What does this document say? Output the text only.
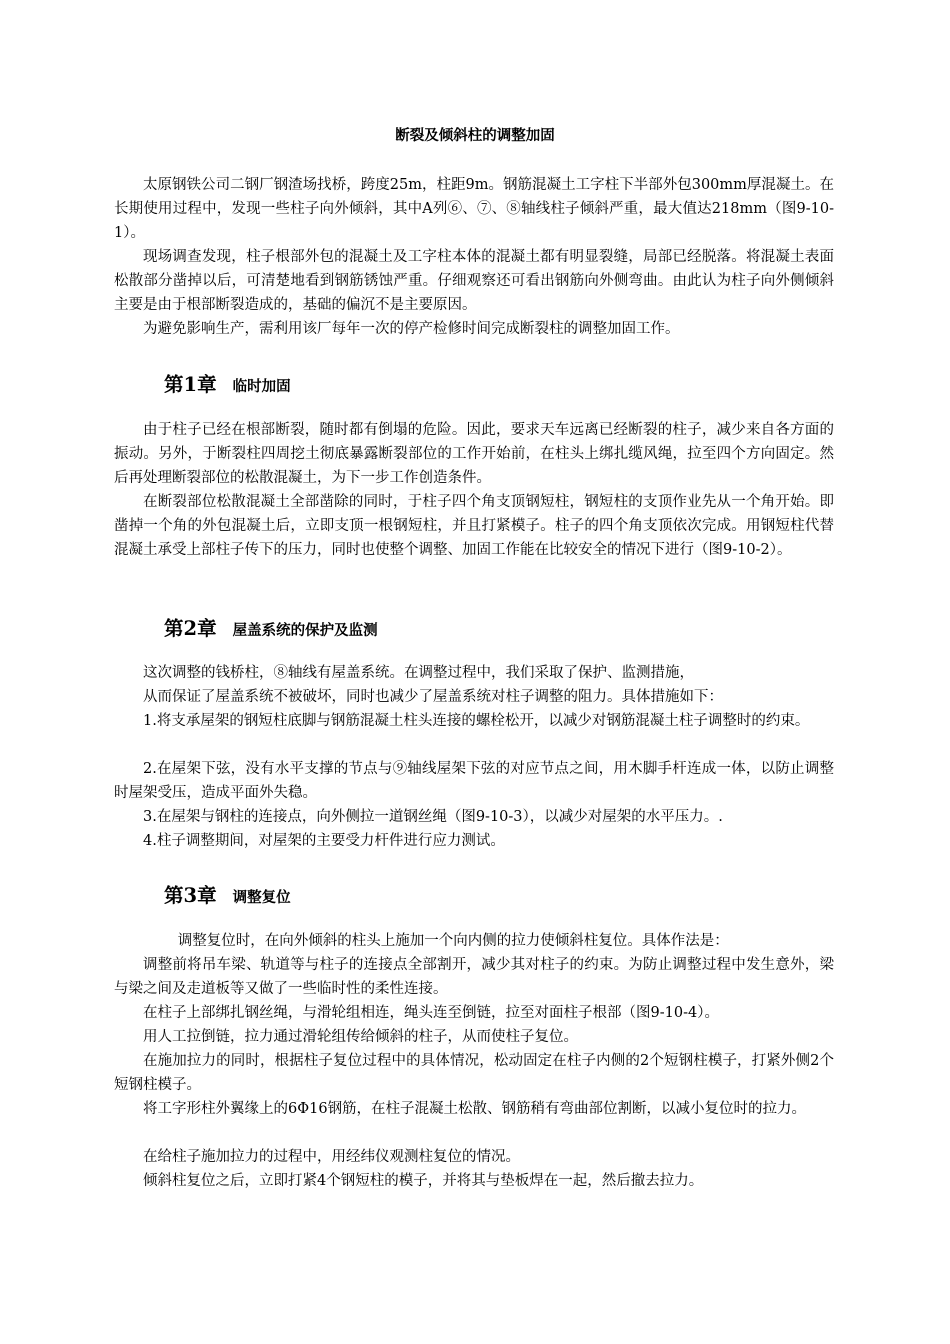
断裂及倾斜柱的调整加固

太原钢铁公司二钢厂钢渣场找桥，跨度25m，柱距9m。钢筋混凝土工字柱下半部外包300mm厚混凝土。在长期使用过程中，发现一些柱子向外倾斜，其中A列⑥、⑦、⑧轴线柱子倾斜严重，最大值达218mm（图9-10-1）。

现场调查发现，柱子根部外包的混凝土及工字柱本体的混凝土都有明显裂缝，局部已经脱落。将混凝土表面松散部分凿掉以后，可清楚地看到钢筋锈蚀严重。仔细观察还可看出钢筋向外侧弯曲。由此认为柱子向外侧倾斜主要是由于根部断裂造成的，基础的偏沉不是主要原因。

为避免影响生产，需利用该厂每年一次的停产检修时间完成断裂柱的调整加固工作。

第1章 临时加固

由于柱子已经在根部断裂，随时都有倒塌的危险。因此，要求天车远离已经断裂的柱子，减少来自各方面的振动。另外，于断裂柱四周挖土彻底暴露断裂部位的工作开始前，在柱头上绑扎缆风绳，拉至四个方向固定。然后再处理断裂部位的松散混凝土，为下一步工作创造条件。

在断裂部位松散混凝土全部凿除的同时，于柱子四个角支顶钢短柱，钢短柱的支顶作业先从一个角开始。即凿掉一个角的外包混凝土后，立即支顶一根钢短柱，并且打紧模子。柱子的四个角支顶依次完成。用钢短柱代替混凝土承受上部柱子传下的压力，同时也使整个调整、加固工作能在比较安全的情况下进行（图9-10-2）。

第2章 屋盖系统的保护及监测

这次调整的钱桥柱，⑧轴线有屋盖系统。在调整过程中，我们采取了保护、监测措施，

从而保证了屋盖系统不被破坏，同时也减少了屋盖系统对柱子调整的阻力。具体措施如下：

1.将支承屋架的钢短柱底脚与钢筋混凝土柱头连接的螺栓松开，以减少对钢筋混凝土柱子调整时的约束。

2.在屋架下弦，没有水平支撑的节点与⑨轴线屋架下弦的对应节点之间，用木脚手杆连成一体，以防止调整时屋架受压，造成平面外失稳。

3.在屋架与钢柱的连接点，向外侧拉一道钢丝绳（图9-10-3），以减少对屋架的水平压力。.

4.柱子调整期间，对屋架的主要受力杆件进行应力测试。

第3章 调整复位

调整复位时，在向外倾斜的柱头上施加一个向内侧的拉力使倾斜柱复位。具体作法是：

调整前将吊车梁、轨道等与柱子的连接点全部割开，减少其对柱子的约束。为防止调整过程中发生意外，梁与梁之间及走道板等又做了一些临时性的柔性连接。

在柱子上部绑扎钢丝绳，与滑轮组相连，绳头连至倒链，拉至对面柱子根部（图9-10-4）。

用人工拉倒链，拉力通过滑轮组传给倾斜的柱子，从而使柱子复位。

在施加拉力的同时，根据柱子复位过程中的具体情况，松动固定在柱子内侧的2个短钢柱模子，打紧外侧2个短钢柱模子。

将工字形柱外翼缘上的6Φ16钢筋，在柱子混凝土松散、钢筋稍有弯曲部位割断，以减小复位时的拉力。

在给柱子施加拉力的过程中，用经纬仪观测柱复位的情况。

倾斜柱复位之后，立即打紧4个钢短柱的模子，并将其与垫板焊在一起，然后撤去拉力。
